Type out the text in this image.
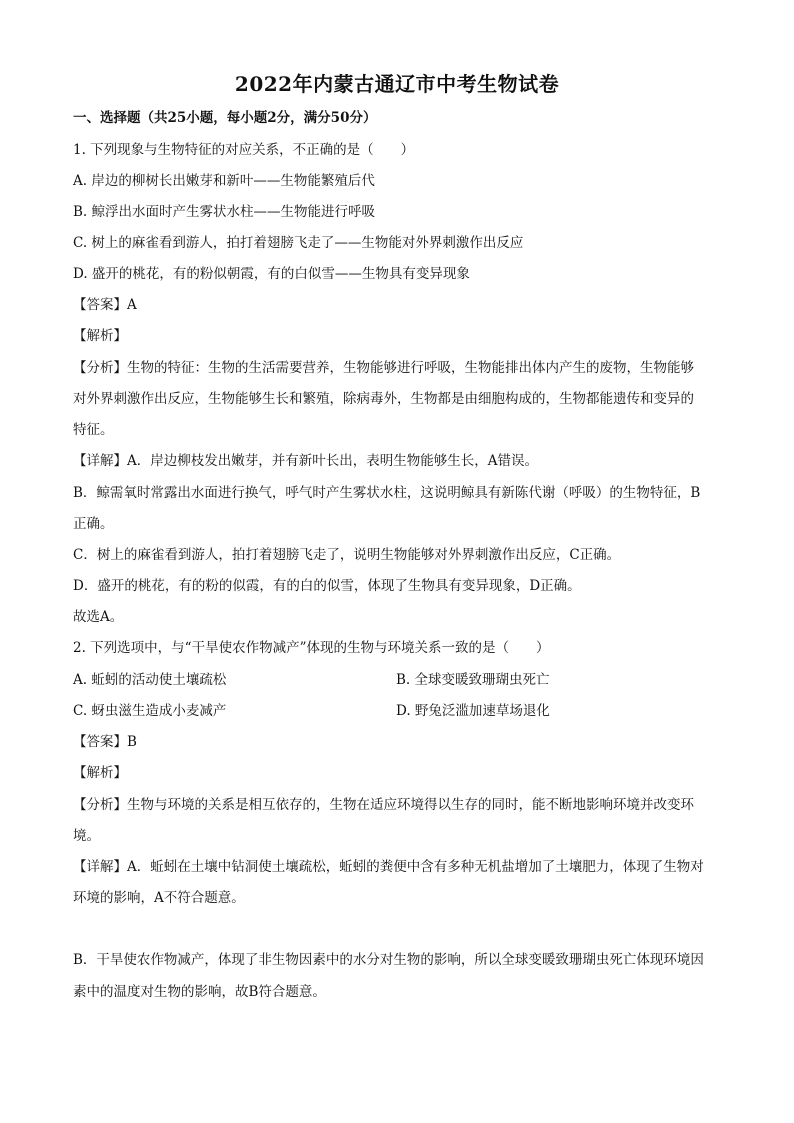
2022年内蒙古通辽市中考生物试卷
一、选择题（共25小题，每小题2分，满分50分）
1. 下列现象与生物特征的对应关系，不正确的是（　　）
A. 岸边的柳树长出嫩芽和新叶——生物能繁殖后代
B. 鲸浮出水面时产生雾状水柱——生物能进行呼吸
C. 树上的麻雀看到游人，拍打着翅膀飞走了——生物能对外界刺激作出反应
D. 盛开的桃花，有的粉似朝霞，有的白似雪——生物具有变异现象
【答案】A
【解析】
【分析】生物的特征：生物的生活需要营养，生物能够进行呼吸，生物能排出体内产生的废物，生物能够
对外界刺激作出反应，生物能够生长和繁殖，除病毒外，生物都是由细胞构成的，生物都能遗传和变异的
特征。
【详解】A．岸边柳枝发出嫩芽，并有新叶长出，表明生物能够生长，A错误。
B．鲸需氧时常露出水面进行换气，呼气时产生雾状水柱，这说明鲸具有新陈代谢（呼吸）的生物特征，B
正确。
C．树上的麻雀看到游人，拍打着翅膀飞走了，说明生物能够对外界刺激作出反应，C正确。
D．盛开的桃花，有的粉的似霞，有的白的似雪，体现了生物具有变异现象，D正确。
故选A。
2. 下列选项中，与“干旱使农作物减产”体现的生物与环境关系一致的是（　　）
A. 蚯蚓的活动使土壤疏松	B. 全球变暖致珊瑚虫死亡
C. 蚜虫滋生造成小麦减产	D. 野兔泛滥加速草场退化
【答案】B
【解析】
【分析】生物与环境的关系是相互依存的，生物在适应环境得以生存的同时，能不断地影响环境并改变环
境。
【详解】A．蚯蚓在土壤中钻洞使土壤疏松，蚯蚓的粪便中含有多种无机盐增加了土壤肥力，体现了生物对
环境的影响，A不符合题意。
B．干旱使农作物减产，体现了非生物因素中的水分对生物的影响，所以全球变暖致珊瑚虫死亡体现环境因
素中的温度对生物的影响，故B符合题意。
